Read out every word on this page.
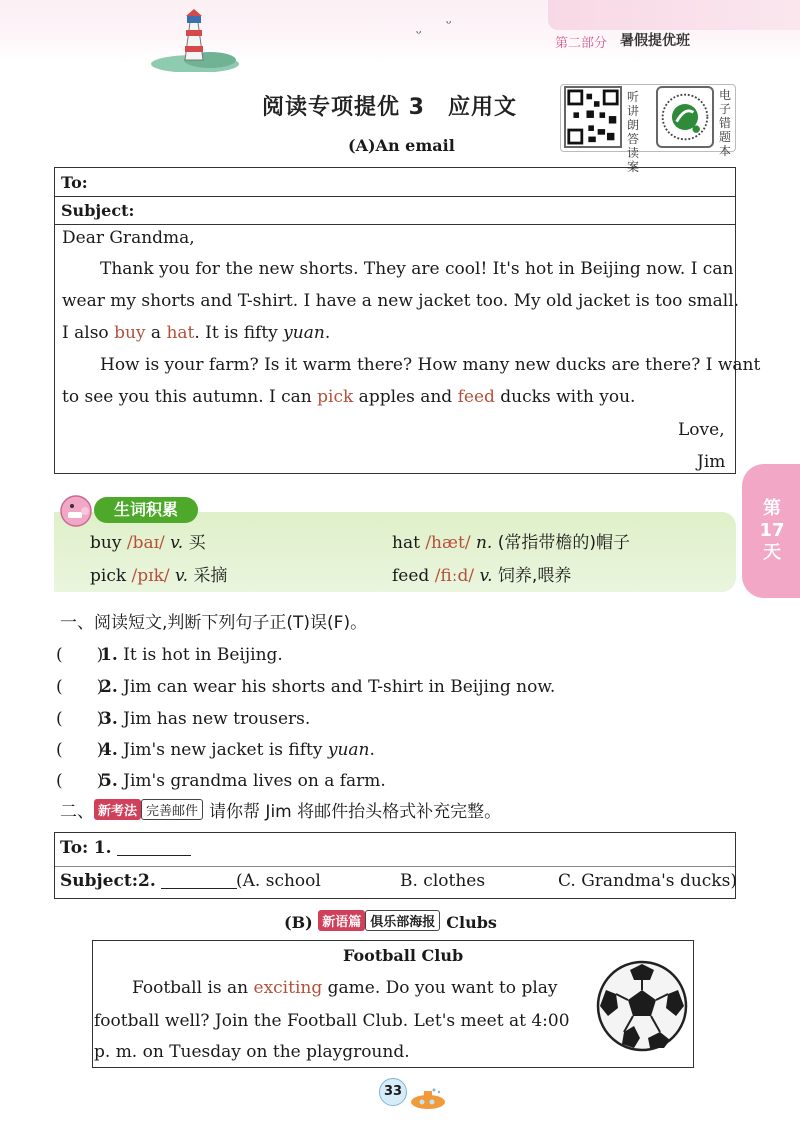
ᵕ
ᵕ
第二部分 暑假提优班
阅读专项提优 3　应用文	听讲朗答读案
电子错题本
(A)An email
To:
Subject:
Dear Grandma,
Thank you for the new shorts. They are cool! It's hot in Beijing now. I can
wear my shorts and T-shirt. I have a new jacket too. My old jacket is too small.
I also buy a hat. It is fifty yuan.
How is your farm? Is it warm there? How many new ducks are there? I want
to see you this autumn. I can pick apples and feed ducks with you.
Love,
Jim
生词积累
buy /baɪ/ v. 买	hat /hæt/ n. (常指带檐的)帽子
pick /pɪk/ v. 采摘	feed /fiːd/ v. 饲养,喂养
第
17
天
一、阅读短文,判断下列句子正(T)误(F)。
(　　)1. It is hot in Beijing.
(　　)2. Jim can wear his shorts and T-shirt in Beijing now.
(　　)3. Jim has new trousers.
(　　)4. Jim's new jacket is fifty yuan.
(　　)5. Jim's grandma lives on a farm.
二、 新考法 完善邮件 请你帮 Jim 将邮件抬头格式补充完整。
To: 1.
Subject:2.	(A. school	B. clothes	C. Grandma's ducks)
(B) 新语篇 俱乐部海报 Clubs
Football Club
Football is an exciting game. Do you want to play
football well? Join the Football Club. Let's meet at 4:00
p. m. on Tuesday on the playground.
33
